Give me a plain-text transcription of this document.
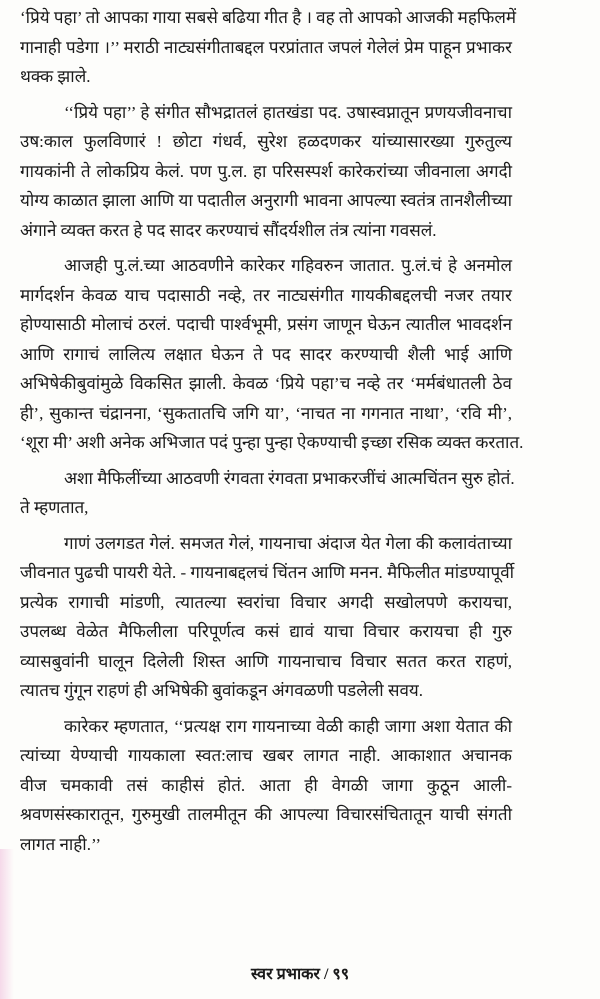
‘प्रिये पहा’ तो आपका गाया सबसे बढिया गीत है । वह तो आपको आजकी महफिलमें
गानाही पडेगा ।’’ मराठी नाट्यसंगीताबद्दल परप्रांतात जपलं गेलेलं प्रेम पाहून प्रभाकर
थक्क झाले.
‘‘प्रिये पहा’’ हे संगीत सौभद्रातलं हातखंडा पद. उषास्वप्नातून प्रणयजीवनाचा
उष:काल फुलविणारं ! छोटा गंधर्व, सुरेश हळदणकर यांच्यासारख्या गुरुतुल्य
गायकांनी ते लोकप्रिय केलं. पण पु.ल. हा परिसस्पर्श कारेकरांच्या जीवनाला अगदी
योग्य काळात झाला आणि या पदातील अनुरागी भावना आपल्या स्वतंत्र तानशैलीच्या
अंगाने व्यक्त करत हे पद सादर करण्याचं सौंदर्यशील तंत्र त्यांना गवसलं.
आजही पु.लं.च्या आठवणीने कारेकर गहिवरुन जातात. पु.लं.चं हे अनमोल
मार्गदर्शन केवळ याच पदासाठी नव्हे, तर नाट्यसंगीत गायकीबद्दलची नजर तयार
होण्यासाठी मोलाचं ठरलं. पदाची पार्श्वभूमी, प्रसंग जाणून घेऊन त्यातील भावदर्शन
आणि रागाचं लालित्य लक्षात घेऊन ते पद सादर करण्याची शैली भाई आणि
अभिषेकीबुवांमुळे विकसित झाली. केवळ ‘प्रिये पहा’च नव्हे तर ‘मर्मबंधातली ठेव
ही’, सुकान्त चंद्रानना, ‘सुकतातचि जगि या’, ‘नाचत ना गगनात नाथा’, ‘रवि मी’,
‘शूरा मी’ अशी अनेक अभिजात पदं पुन्हा पुन्हा ऐकण्याची इच्छा रसिक व्यक्त करतात.
अशा मैफिलींच्या आठवणी रंगवता रंगवता प्रभाकरजींचं आत्मचिंतन सुरु होतं.
ते म्हणतात,
गाणं उलगडत गेलं. समजत गेलं, गायनाचा अंदाज येत गेला की कलावंताच्या
जीवनात पुढची पायरी येते. - गायनाबद्दलचं चिंतन आणि मनन. मैफिलीत मांडण्यापूर्वी
प्रत्येक रागाची मांडणी, त्यातल्या स्वरांचा विचार अगदी सखोलपणे करायचा,
उपलब्ध वेळेत मैफिलीला परिपूर्णत्व कसं द्यावं याचा विचार करायचा ही गुरु
व्यासबुवांनी घालून दिलेली शिस्त आणि गायनाचाच विचार सतत करत राहणं,
त्यातच गुंगून राहणं ही अभिषेकी बुवांकडून अंगवळणी पडलेली सवय.
कारेकर म्हणतात, ‘‘प्रत्यक्ष राग गायनाच्या वेळी काही जागा अशा येतात की
त्यांच्या येण्याची गायकाला स्वत:लाच खबर लागत नाही. आकाशात अचानक
वीज चमकावी तसं काहीसं होतं. आता ही वेगळी जागा कुठून आली-
श्रवणसंस्कारातून, गुरुमुखी तालमीतून की आपल्या विचारसंचितातून याची संगती
लागत नाही.’’
स्वर प्रभाकर / ९९
